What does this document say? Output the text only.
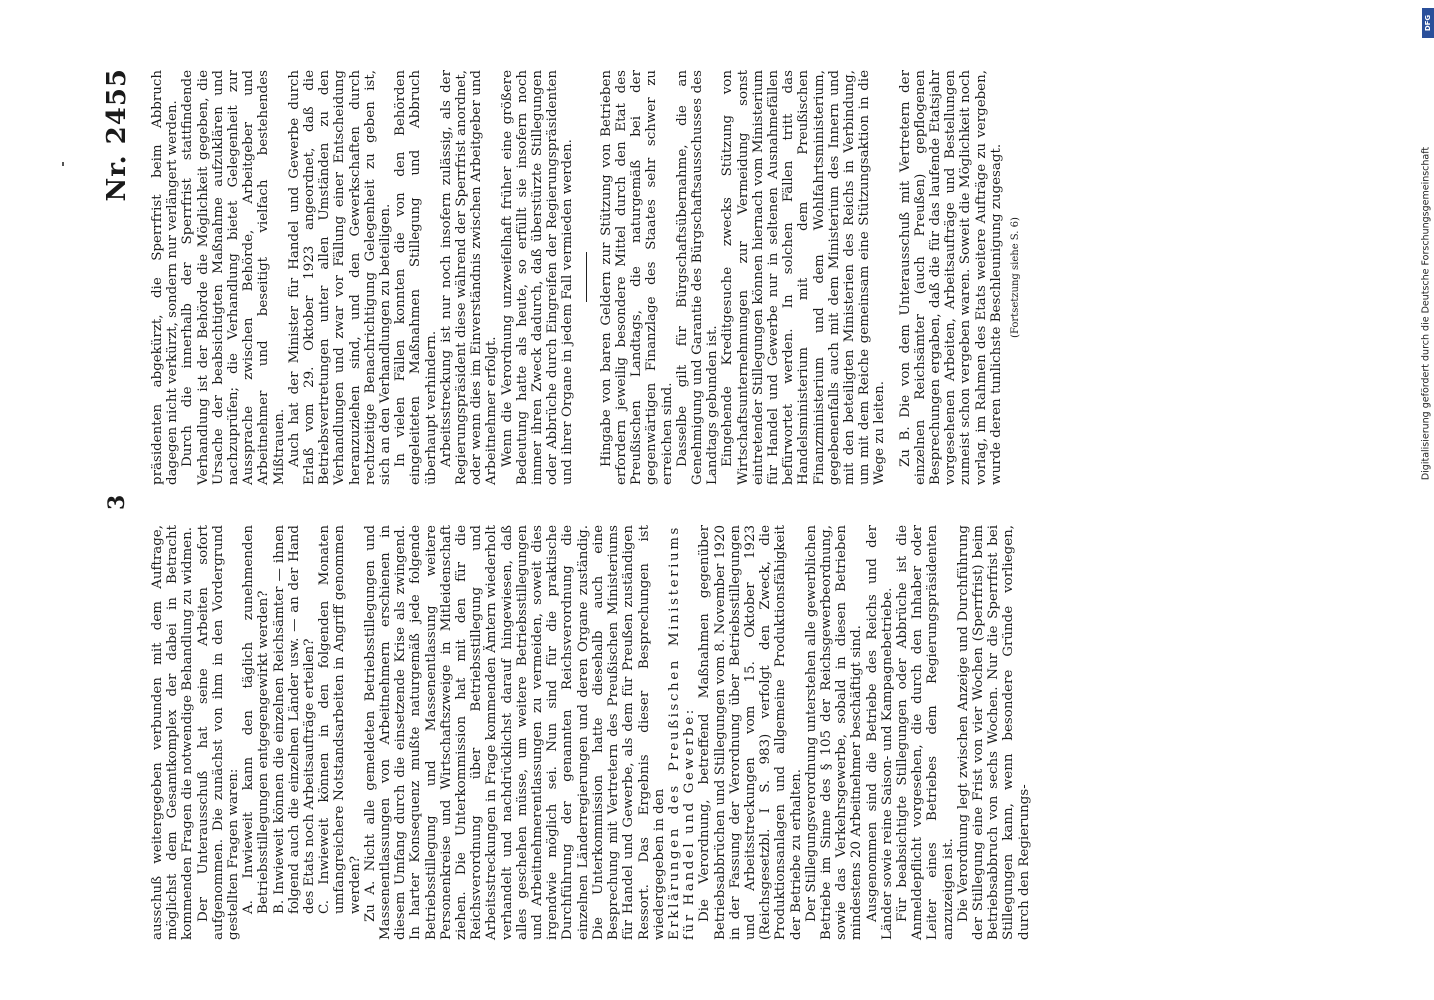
3
Nr. 2455

ausschuß weitergegeben verbunden mit dem Auftrage, möglichst dem Gesamtkomplex der dabei in Betracht kommenden Fragen die notwendige Behandlung zu widmen. Der Unterausschuß hat seine Arbeiten sofort aufgenommen. Die zunächst von ihm in den Vordergrund gestellten Fragen waren: A. Inwieweit kann den täglich zunehmenden Betriebsstillegungen entgegengewirkt werden? B. Inwieweit können die einzelnen Reichsämter — ihnen folgend auch die einzelnen Länder usw. — an der Hand des Etats noch Arbeitsaufträge erteilen? C. Inwieweit können in den folgenden Monaten umfangreichere Notstandsarbeiten in Angriff genommen werden? Zu A. Nicht alle gemeldeten Betriebsstillegungen und Massenentlassungen von Arbeitnehmern erschienen in diesem Umfang durch die einsetzende Krise als zwingend. In harter Konsequenz mußte naturgemäß jede folgende Betriebsstillegung und Massenentlassung weitere Personenkreise und Wirtschaftszweige in Mitleidenschaft ziehen. Die Unterkommission hat mit den für die Reichsverordnung über Betriebsstillegung und Arbeitsstreckungen in Frage kommenden Ämtern wiederholt verhandelt und nachdrücklichst darauf hingewiesen, daß alles geschehen müsse, um weitere Betriebsstillegungen und Arbeitnehmerentlassungen zu vermeiden, soweit dies irgendwie möglich sei. Nun sind für die praktische Durchführung der genannten Reichsverordnung die einzelnen Länderregierungen und deren Organe zuständig. Die Unterkommission hatte diesehalb auch eine Besprechung mit Vertretern des Preußischen Ministeriums für Handel und Gewerbe, als dem für Preußen zuständigen Ressort. Das Ergebnis dieser Besprechungen ist wiedergegeben in den Erklärungen des Preußischen Ministeriums für Handel und Gewerbe: Die Verordnung, betreffend Maßnahmen gegenüber Betriebsabbrüchen und Stillegungen vom 8. November 1920 in der Fassung der Verordnung über Betriebsstillegungen und Arbeitsstreckungen vom 15. Oktober 1923 (Reichsgesetzbl. I S. 983) verfolgt den Zweck, die Produktionsanlagen und allgemeine Produktionsfähigkeit der Betriebe zu erhalten. Der Stillegungsverordnung unterstehen alle gewerblichen Betriebe im Sinne des § 105 der Reichsgewerbeordnung, sowie das Verkehrsgewerbe, sobald in diesen Betrieben mindestens 20 Arbeitnehmer beschäftigt sind. Ausgenommen sind die Betriebe des Reichs und der Länder sowie reine Saison- und Kampagnebetriebe. Für beabsichtigte Stillegungen oder Abbrüche ist die Anmeldepflicht vorgesehen, die durch den Inhaber oder Leiter eines Betriebes dem Regierungspräsidenten anzuzeigen ist. Die Verordnung legt zwischen Anzeige und Durchführung der Stillegung eine Frist von vier Wochen (Sperrfrist) beim Betriebsabbruch von sechs Wochen. Nur die Sperrfrist bei Stillegungen kann, wenn besondere Gründe vorliegen, durch den Regierungs-

präsidenten abgekürzt, die Sperrfrist beim Abbruch dagegen nicht verkürzt, sondern nur verlängert werden. Durch die innerhalb der Sperrfrist stattfindende Verhandlung ist der Behörde die Möglichkeit gegeben, die Ursache der beabsichtigten Maßnahme aufzuklären und nachzuprüfen; die Verhandlung bietet Gelegenheit zur Aussprache zwischen Behörde, Arbeitgeber und Arbeitnehmer und beseitigt vielfach bestehendes Mißtrauen. Auch hat der Minister für Handel und Gewerbe durch Erlaß vom 29. Oktober 1923 angeordnet, daß die Betriebsvertretungen unter allen Umständen zu den Verhandlungen und zwar vor Fällung einer Entscheidung heranzuziehen sind, und den Gewerkschaften durch rechtzeitige Benachrichtigung Gelegenheit zu geben ist, sich an den Verhandlungen zu beteiligen. In vielen Fällen konnten die von den Behörden eingeleiteten Maßnahmen Stillegung und Abbruch überhaupt verhindern. Arbeitsstreckung ist nur noch insofern zulässig, als der Regierungspräsident diese während der Sperrfrist anordnet, oder wenn dies im Einverständnis zwischen Arbeitgeber und Arbeitnehmer erfolgt. Wenn die Verordnung unzweifelhaft früher eine größere Bedeutung hatte als heute, so erfüllt sie insofern noch immer ihren Zweck dadurch, daß überstürzte Stillegungen oder Abbrüche durch Eingreifen der Regierungspräsidenten und ihrer Organe in jedem Fall vermieden werden. Hingabe von baren Geldern zur Stützung von Betrieben erfordern jeweilig besondere Mittel durch den Etat des Preußischen Landtags, die naturgemäß bei der gegenwärtigen Finanzlage des Staates sehr schwer zu erreichen sind. Dasselbe gilt für Bürgschaftsübernahme, die an Genehmigung und Garantie des Bürgschaftsausschusses des Landtags gebunden ist. Eingehende Kreditgesuche zwecks Stützung von Wirtschaftsunternehmungen zur Vermeidung sonst eintretender Stillegungen können hiernach vom Ministerium für Handel und Gewerbe nur in seltenen Ausnahmefällen befürwortet werden. In solchen Fällen tritt das Handelsministerium mit dem Preußischen Finanzministerium und dem Wohlfahrtsministerium, gegebenenfalls auch mit dem Ministerium des Innern und mit den beteiligten Ministerien des Reichs in Verbindung, um mit dem Reiche gemeinsam eine Stützungsaktion in die Wege zu leiten. Zu B. Die von dem Unterausschuß mit Vertretern der einzelnen Reichsämter (auch Preußen) gepflogenen Besprechungen ergaben, daß die für das laufende Etatsjahr vorgesehenen Arbeiten, Arbeitsaufträge und Bestellungen zumeist schon vergeben waren. Soweit die Möglichkeit noch vorlag, im Rahmen des Etats weitere Aufträge zu vergeben, wurde deren tunlichste Beschleunigung zugesagt. (Fortsetzung siehe S. 6)
DFG
Digitalisierung gefördert durch die Deutsche Forschungsgemeinschaft
